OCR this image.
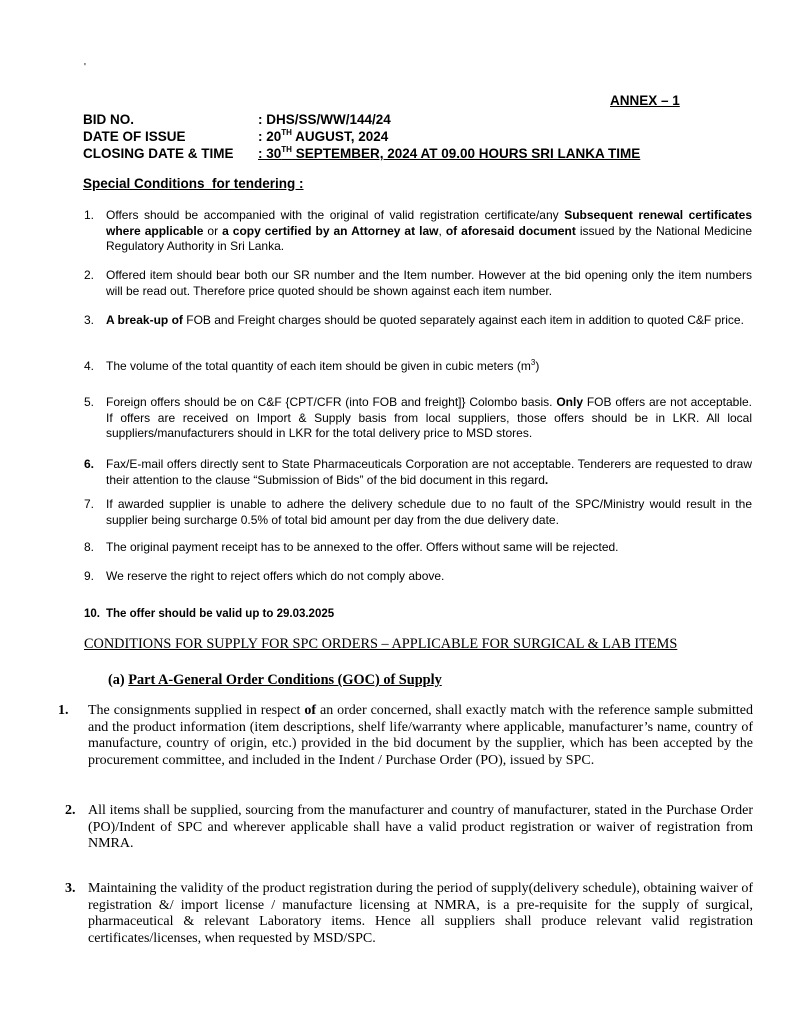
'
ANNEX – 1
BID NO.	: DHS/SS/WW/144/24
DATE OF ISSUE	: 20TH AUGUST, 2024
CLOSING DATE & TIME : 30TH SEPTEMBER, 2024 AT 09.00 HOURS SRI LANKA TIME
Special Conditions  for tendering :
1. Offers should be accompanied with the original of valid registration certificate/any Subsequent renewal certificates where applicable or a copy certified by an Attorney at law, of aforesaid document issued by the National Medicine Regulatory Authority in Sri Lanka.
2. Offered item should bear both our SR number and the Item number. However at the bid opening only the item numbers will be read out. Therefore price quoted should be shown against each item number.
3. A break-up of FOB and Freight charges should be quoted separately against each item in addition to quoted C&F price.
4. The volume of the total quantity of each item should be given in cubic meters $(m^3)$
5. Foreign offers should be on C&F {CPT/CFR (into FOB and freight]} Colombo basis. Only FOB offers are not acceptable. If offers are received on Import & Supply basis from local suppliers, those offers should be in LKR. All local suppliers/manufacturers should in LKR for the total delivery price to MSD stores.
6. Fax/E-mail offers directly sent to State Pharmaceuticals Corporation are not acceptable. Tenderers are requested to draw their attention to the clause “Submission of Bids” of the bid document in this regard.
7. If awarded supplier is unable to adhere the delivery schedule due to no fault of the SPC/Ministry would result in the supplier being surcharge 0.5% of total bid amount per day from the due delivery date.
8. The original payment receipt has to be annexed to the offer. Offers without same will be rejected.
9. We reserve the right to reject offers which do not comply above.
10. The offer should be valid up to 29.03.2025
CONDITIONS FOR SUPPLY FOR SPC ORDERS – APPLICABLE FOR SURGICAL & LAB ITEMS
(a) Part A-General Order Conditions (GOC) of Supply
1. The consignments supplied in respect of an order concerned, shall exactly match with the reference sample submitted and the product information (item descriptions, shelf life/warranty where applicable, manufacturer’s name, country of manufacture, country of origin, etc.) provided in the bid document by the supplier, which has been accepted by the procurement committee, and included in the Indent / Purchase Order (PO), issued by SPC.
2. All items shall be supplied, sourcing from the manufacturer and country of manufacturer, stated in the Purchase Order (PO)/Indent of SPC and wherever applicable shall have a valid product registration or waiver of registration from NMRA.
3. Maintaining the validity of the product registration during the period of supply(delivery schedule), obtaining waiver of registration &/ import license / manufacture licensing at NMRA, is a pre-requisite for the supply of surgical, pharmaceutical & relevant Laboratory items. Hence all suppliers shall produce relevant valid registration certificates/licenses, when requested by MSD/SPC.
